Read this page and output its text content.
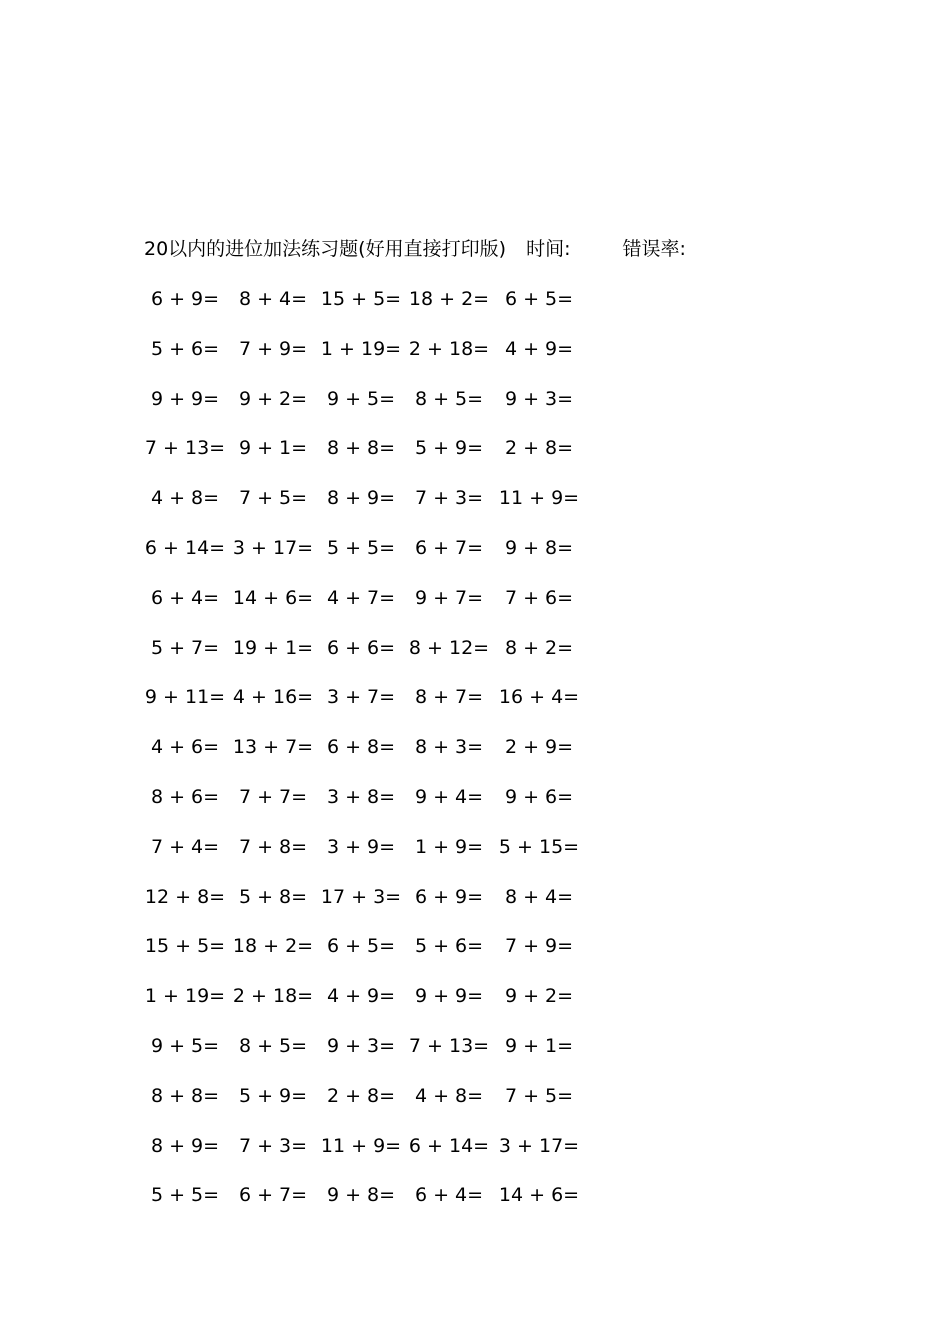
20以内的进位加法练习题(好用直接打印版) 时间:	错误率:
6 + 9=	8 + 4= 15 + 5= 18 + 2= 6 + 5=
5 + 6=	7 + 9= 1 + 19= 2 + 18= 4 + 9=
9 + 9=	9 + 2=	9 + 5=	8 + 5=	9 + 3=
7 + 13= 9 + 1=	8 + 8=	5 + 9=	2 + 8=
4 + 8=	7 + 5=	8 + 9=	7 + 3= 11 + 9=
6 + 14= 3 + 17= 5 + 5=	6 + 7=	9 + 8=
6 + 4= 14 + 6= 4 + 7=	9 + 7=	7 + 6=
5 + 7= 19 + 1= 6 + 6= 8 + 12= 8 + 2=
9 + 11= 4 + 16= 3 + 7=	8 + 7= 16 + 4=
4 + 6= 13 + 7= 6 + 8=	8 + 3=	2 + 9=
8 + 6=	7 + 7=	3 + 8=	9 + 4=	9 + 6=
7 + 4=	7 + 8=	3 + 9=	1 + 9= 5 + 15=
12 + 8= 5 + 8= 17 + 3= 6 + 9=	8 + 4=
15 + 5= 18 + 2= 6 + 5=	5 + 6=	7 + 9=
1 + 19= 2 + 18= 4 + 9=	9 + 9=	9 + 2=
9 + 5=	8 + 5=	9 + 3= 7 + 13= 9 + 1=
8 + 8=	5 + 9=	2 + 8=	4 + 8=	7 + 5=
8 + 9=	7 + 3= 11 + 9= 6 + 14= 3 + 17=
5 + 5=	6 + 7=	9 + 8=	6 + 4= 14 + 6=
